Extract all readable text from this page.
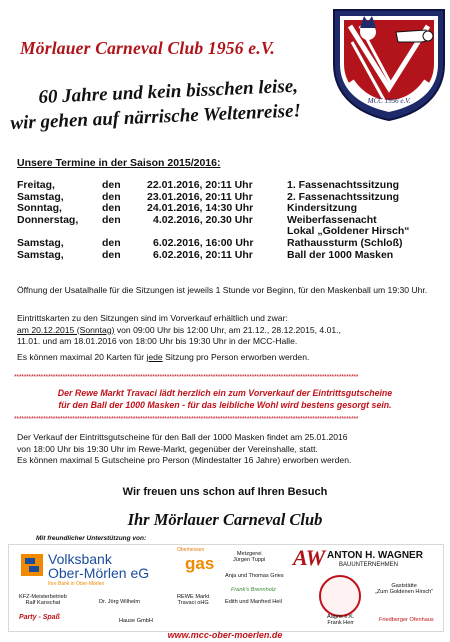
Mörlauer Carneval Club 1956 e.V.
MCC 1956 e.V.
60 Jahre und kein bisschen leise,
wir gehen auf närrische Weltenreise!
Unsere Termine in der Saison 2015/2016:
Freitag,	den	22.01.2016, 20:11 Uhr	1. Fassenachtssitzung
Samstag,	den	23.01.2016, 20:11 Uhr	2. Fassenachtssitzung
Sonntag,	den	24.01.2016, 14:30 Uhr	Kindersitzung
Donnerstag, den	4.02.2016, 20.30 Uhr	Weiberfassenacht
Lokal „Goldener Hirsch“
Samstag,	den	6.02.2016, 16:00 Uhr	Rathaussturm (Schloß)
Samstag,	den	6.02.2016, 20:11 Uhr	Ball der 1000 Masken
Öffnung der Usatalhalle für die Sitzungen ist jeweils 1 Stunde vor Beginn, für den Maskenball um 19:30 Uhr.
Eintrittskarten zu den Sitzungen sind im Vorverkauf erhältlich und zwar:
am 20.12.2015 (Sonntag) von 09:00 Uhr bis 12:00 Uhr, am 21.12., 28.12.2015, 4.01.,
11.01. und am 18.01.2016 von 18:00 Uhr bis 19:30 Uhr in der MCC-Halle.
Es können maximal 20 Karten für jede Sitzung pro Person erworben werden.
**********************************************************************************************************************************************
Der Rewe Markt Travaci lädt herzlich ein zum Vorverkauf der Eintrittsgutscheine
für den Ball der 1000 Masken - für das leibliche Wohl wird bestens gesorgt sein.
**********************************************************************************************************************************************
Der Verkauf der Eintrittsgutscheine für den Ball der 1000 Masken findet am 25.01.2016
von 18:00 Uhr bis 19:30 Uhr im Rewe-Markt, gegenüber der Vereinshalle, statt.
Es können maximal 5 Gutscheine pro Person (Mindestalter 16 Jahre) erworben werden.
Wir freuen uns schon auf Ihren Besuch
Ihr Mörlauer Carneval Club
Mit freundlicher Unterstützung von:
Volksbank
Ober-Mörlen eG
Ihre Bank in Ober-Mörlen
Oberhessen
gas	Metzgerei
Jürgen Tuppi
Anja und Thomas Gries
AW ANTON H. WAGNER
BAUUNTERNEHMEN
Gaststätte
„Zum Goldenen Hirsch“
KFZ-Meisterbetrieb
Ralf Kanschat	Dr. Jörg Wilhelm
REWE Markt
Travaci oHG	Edith und Manfred Heil
Frank's Brennholz
Party - Spaß	Hause GmbH
Aagris e.K.
Frank Herr
Friedberger Ofenhaus
www.mcc-ober-moerlen.de
